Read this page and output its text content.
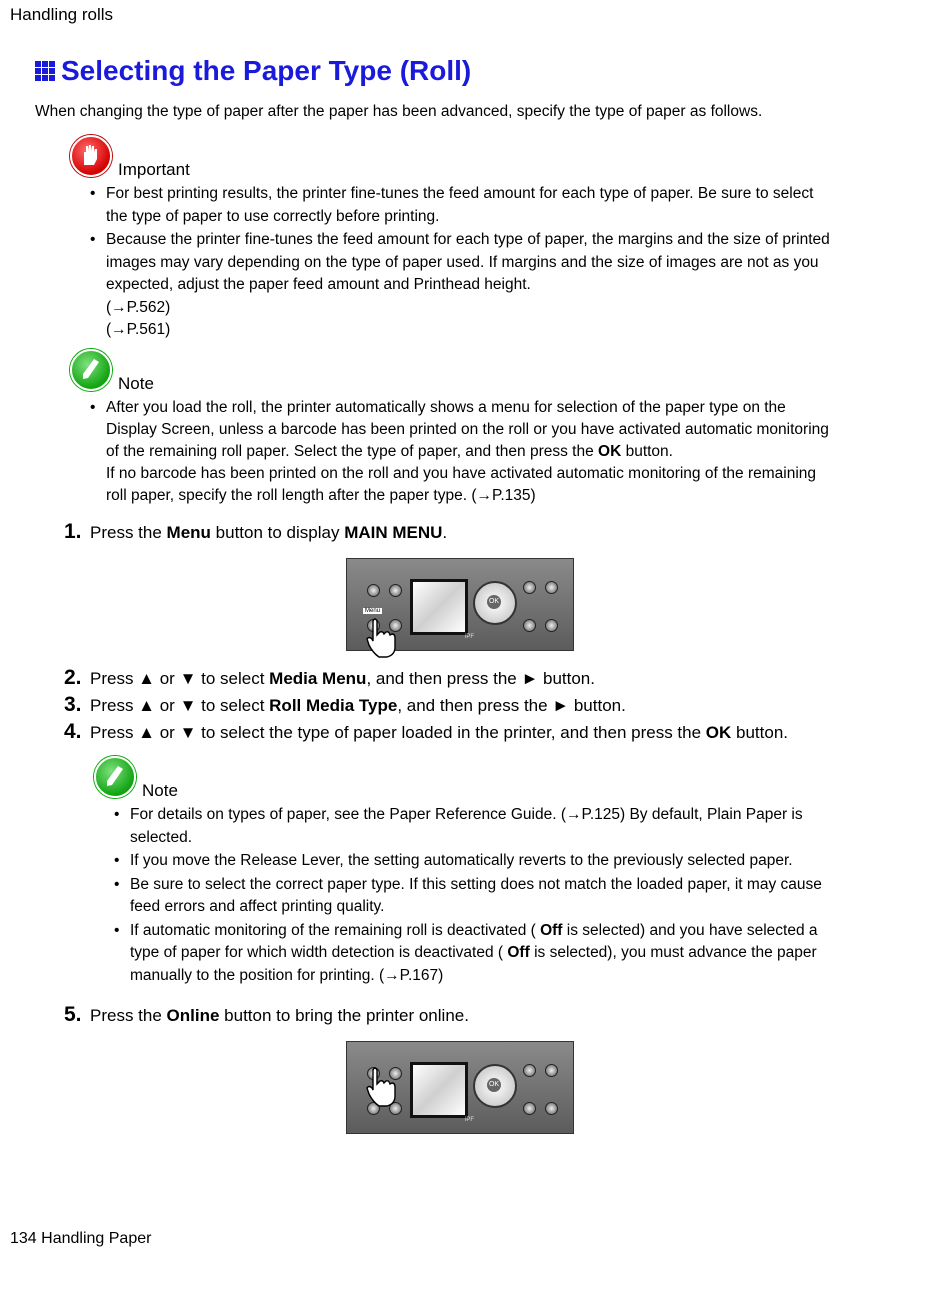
Handling rolls
Selecting the Paper Type (Roll)
When changing the type of paper after the paper has been advanced, specify the type of paper as follows.
Important
• For best printing results, the printer fine-tunes the feed amount for each type of paper. Be sure to select the type of paper to use correctly before printing.
• Because the printer fine-tunes the feed amount for each type of paper, the margins and the size of printed images may vary depending on the type of paper used. If margins and the size of images are not as you expected, adjust the paper feed amount and Printhead height.
(→P.562)
(→P.561)
Note
• After you load the roll, the printer automatically shows a menu for selection of the paper type on the Display Screen, unless a barcode has been printed on the roll or you have activated automatic monitoring of the remaining roll paper. Select the type of paper, and then press the OK button.
If no barcode has been printed on the roll and you have activated automatic monitoring of the remaining roll paper, specify the roll length after the paper type. (→P.135)
1. Press the Menu button to display MAIN MENU.
OK
Menu
iPF
2. Press ▲ or ▼ to select Media Menu, and then press the ► button.
3. Press ▲ or ▼ to select Roll Media Type, and then press the ► button.
4. Press ▲ or ▼ to select the type of paper loaded in the printer, and then press the OK button.
Note
• For details on types of paper, see the Paper Reference Guide. (→P.125) By default, Plain Paper is selected.
• If you move the Release Lever, the setting automatically reverts to the previously selected paper.
• Be sure to select the correct paper type. If this setting does not match the loaded paper, it may cause feed errors and affect printing quality.
• If automatic monitoring of the remaining roll is deactivated ( Off is selected) and you have selected a type of paper for which width detection is deactivated ( Off is selected), you must advance the paper manually to the position for printing. (→P.167)
5. Press the Online button to bring the printer online.
OK
iPF
134 Handling Paper
